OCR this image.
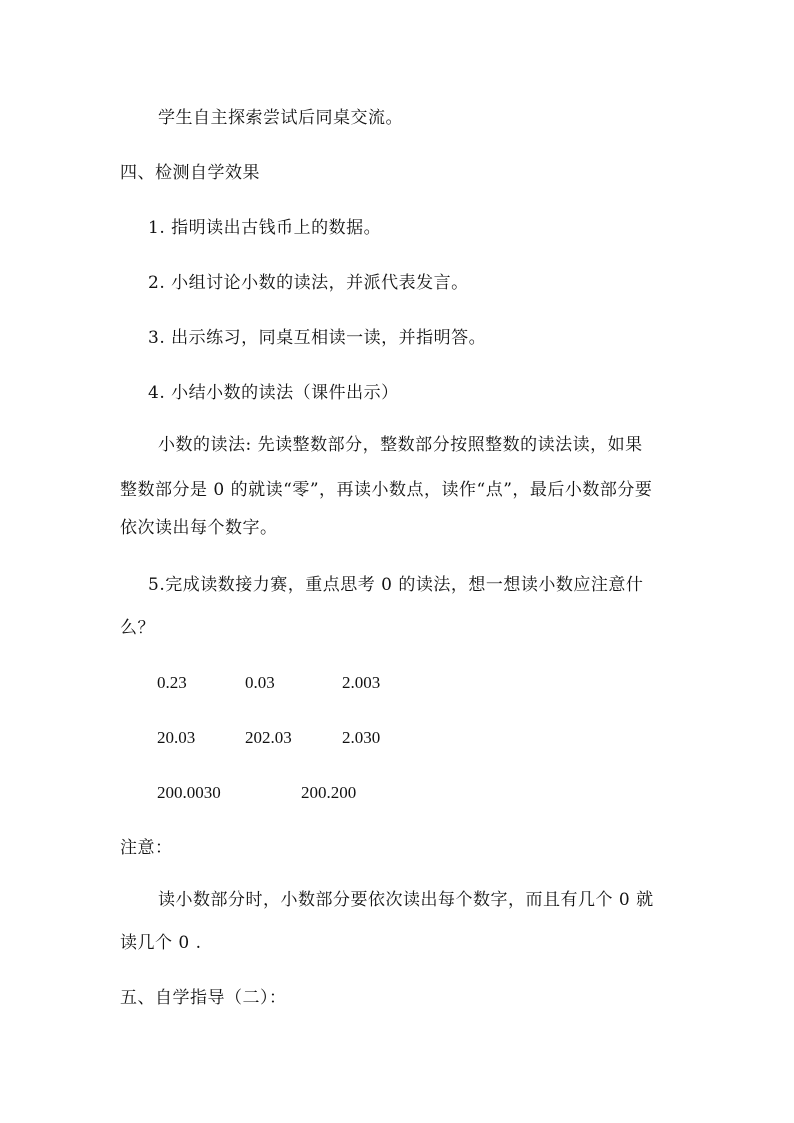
学生自主探索尝试后同桌交流。
四、检测自学效果
1. 指明读出古钱币上的数据。
2. 小组讨论小数的读法，并派代表发言。
3. 出示练习，同桌互相读一读，并指明答。
4. 小结小数的读法（课件出示）
小数的读法: 先读整数部分，整数部分按照整数的读法读，如果
整数部分是 0 的就读“零”，再读小数点，读作“点”，最后小数部分要
依次读出每个数字。
5.完成读数接力赛，重点思考 0 的读法，想一想读小数应注意什
么？
0.23	0.03	2.003
20.03	202.03	2.030
200.0030	200.200
注意：
读小数部分时，小数部分要依次读出每个数字，而且有几个 0 就
读几个 0 .
五、自学指导（二）：
